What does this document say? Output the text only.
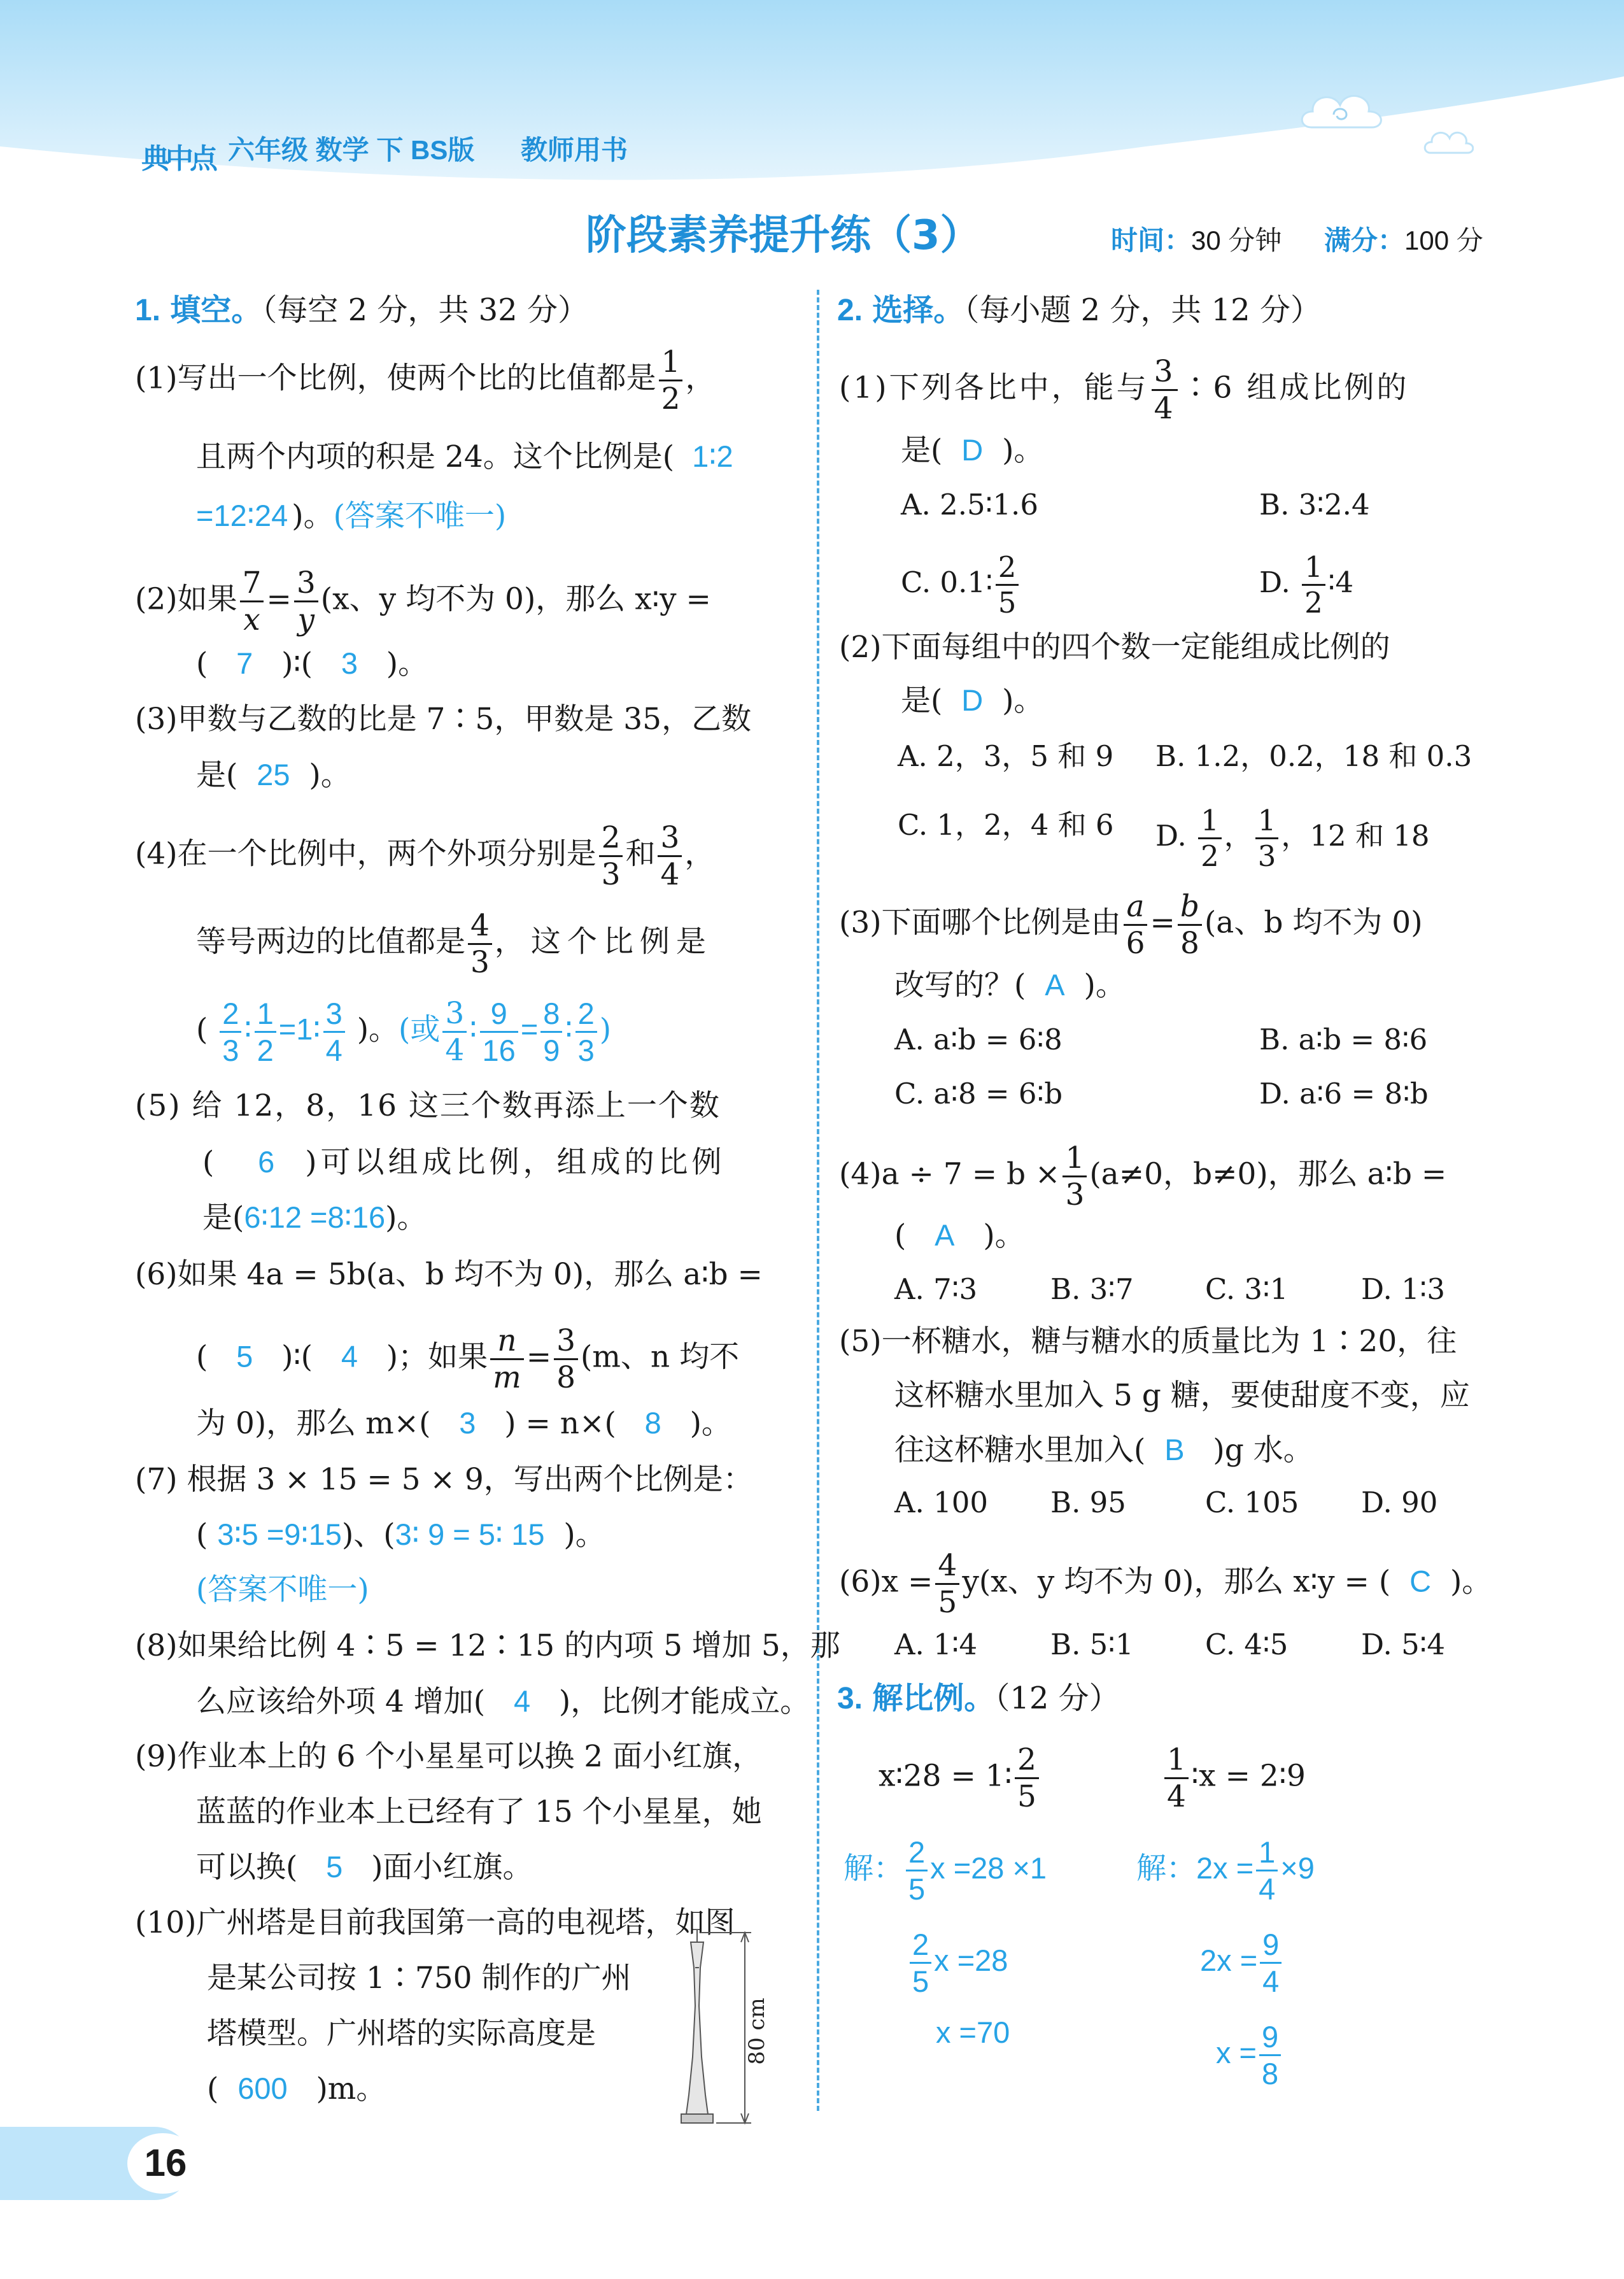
典中点 六年级 数学 下 BS版 教师用书
阶段素养提升练（3）	时间：30 分钟 满分：100 分
1. 填空。（每空 2 分，共 32 分）
(1)写出一个比例，使两个比的比值都是 $\frac{1}{2}$ ，
且两个内项的积是 24。这个比例是( 1∶2
=12∶24 )。(答案不唯一)
(2)如果 $\frac{7}{x} = \frac{3}{y} (x$、y 均不为 0)，那么 x∶y =
(   7   )∶(   3   )。
(3)甲数与乙数的比是 7∶5，甲数是 35，乙数
是( 25 )。
(4)在一个比例中，两个外项分别是 $\frac{2}{3}$ 和 $\frac{3}{4}$ ，
等号两边的比值都是 $\frac{4}{3}$ ，这个比例是
( $\frac{2}{3}$ ∶ $\frac{1}{2}$ =1∶ $\frac{3}{4}$ )。(或 $\frac{3}{4}$ ∶ $\frac{9}{16} = \frac{8}{9}$ ∶ $\frac{2}{3}$ )
(5) 给 12，8，16 这三个数再添上一个数
(   6 )可以组成比例，组成的比例
是(6∶12 =8∶16)。
(6)如果 4a = 5b(a、b 均不为 0)，那么 a∶b =
(   5   )∶(   4   )；如果 $\frac{n}{m} = \frac{3}{8} (m$、n 均不
为 0)，那么 m×( 3 ) = n×( 8 )。
(7) 根据 3 × 15 = 5 × 9，写出两个比例是：
( 3∶5 =9∶15)、(3∶ 9 = 5∶ 15 )。
(答案不唯一)
(8)如果给比例 4∶5 = 12∶15 的内项 5 增加 5，那
么应该给外项 4 增加( 4 )，比例才能成立。
(9)作业本上的 6 个小星星可以换 2 面小红旗，
蓝蓝的作业本上已经有了 15 个小星星，她
可以换( 5 )面小红旗。
(10)广州塔是目前我国第一高的电视塔，如图
是某公司按 1∶750 制作的广州
塔模型。广州塔的实际高度是
(  600 )m。
80 cm
2. 选择。（每小题 2 分，共 12 分）
(1)下列各比中，能与 $\frac{3}{4}$ ∶6 组成比例的
是( D )。
A. 2.5∶1.6	B. 3∶2.4
C. 0.1∶ $\frac{2}{5}$	D. $\frac{1}{2}$ ∶4
(2)下面每组中的四个数一定能组成比例的
是( D )。
A. 2，3，5 和 9 B. 1.2，0.2，18 和 0.3
C. 1，2，4 和 6 D. $\frac{1}{2}$ ， $\frac{1}{3}$ ，12 和 18
(3)下面哪个比例是由 $\frac{a}{6} = \frac{b}{8} (a$、b 均不为 0)
改写的？( A )。
A. a∶b = 6∶8	B. a∶b = 8∶6
C. a∶8 = 6∶b	D. a∶6 = 8∶b
$(4)a \div 7 = b \times \frac{1}{3} (a\ne 0$，b≠0)，那么 a∶b =
(   A )。
A. 7∶3	B. 3∶7 C. 3∶1	D. 1∶3
(5)一杯糖水，糖与糖水的质量比为 1∶20，往
这杯糖水里加入 5 g 糖，要使甜度不变，应
往这杯糖水里加入( B )g 水。
A. 100 B. 95	C. 105 D. 90
$(6)x = \frac{4}{5} y(x$、y 均不为 0)，那么 x∶y = ( C )。
A. 1∶4	B. 5∶1 C. 4∶5	D. 5∶4
3. 解比例。（12 分）
x∶28 = 1∶ $\frac{2}{5}$	$\frac{1}{4}$ ∶x = 2∶9
解： $\frac{2}{5}$ x =28 ×1
$\frac{2}{5}$ x =28
x =70
解：$2x = \frac{1}{4} \times 9$
$2x = \frac{9}{4}$
$x = \frac{9}{8}$
16
